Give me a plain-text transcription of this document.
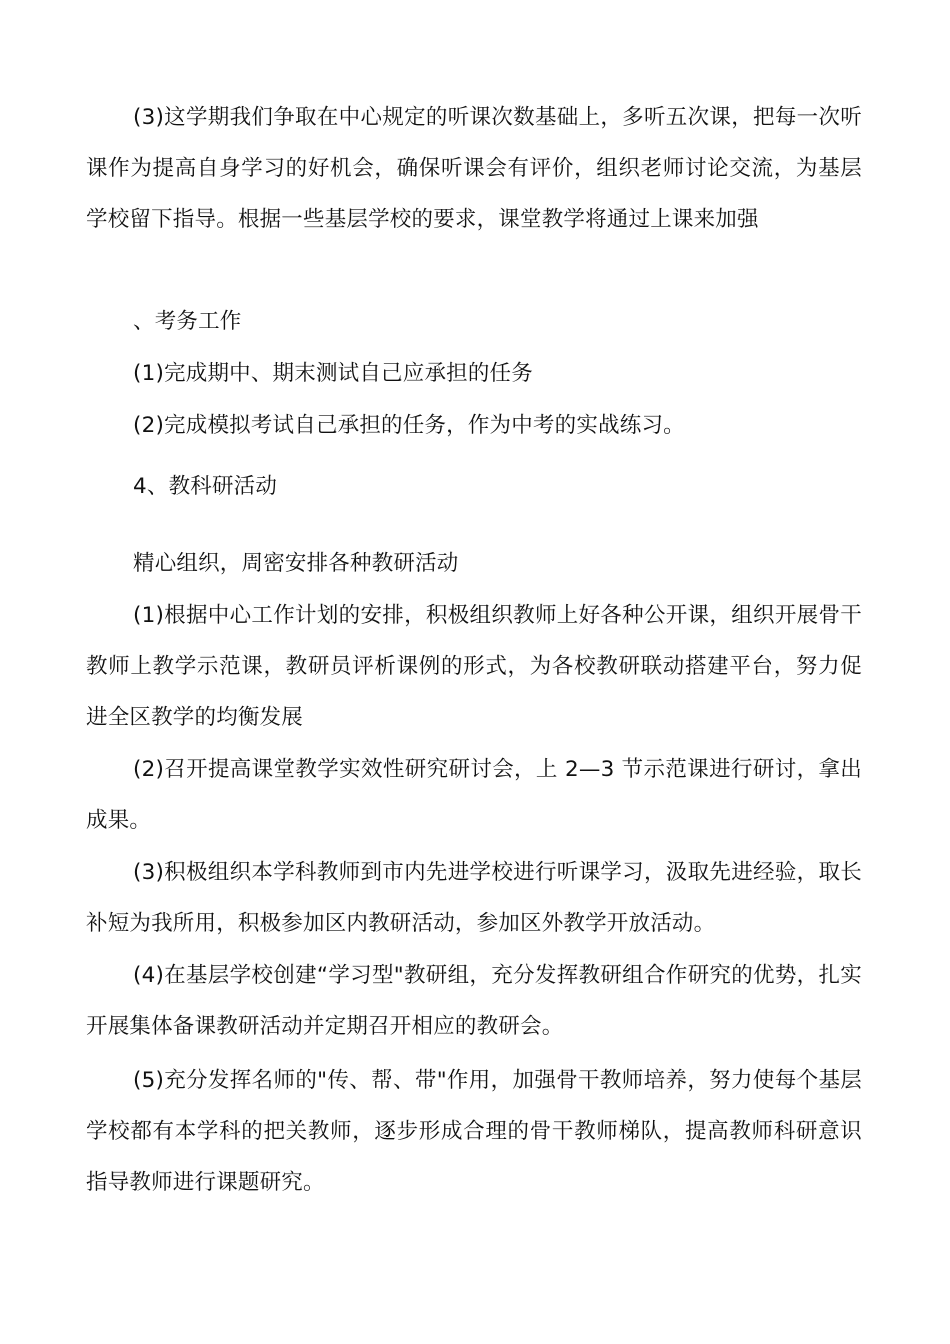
(3)这学期我们争取在中心规定的听课次数基础上，多听五次课，把每一次听课作为提高自身学习的好机会，确保听课会有评价，组织老师讨论交流，为基层学校留下指导。根据一些基层学校的要求，课堂教学将通过上课来加强

、考务工作

(1)完成期中、期末测试自己应承担的任务

(2)完成模拟考试自己承担的任务，作为中考的实战练习。

4、教科研活动

精心组织，周密安排各种教研活动

(1)根据中心工作计划的安排，积极组织教师上好各种公开课，组织开展骨干教师上教学示范课，教研员评析课例的形式，为各校教研联动搭建平台，努力促进全区教学的均衡发展

(2)召开提高课堂教学实效性研究研讨会，上 2—3 节示范课进行研讨，拿出成果。

(3)积极组织本学科教师到市内先进学校进行听课学习，汲取先进经验，取长补短为我所用，积极参加区内教研活动，参加区外教学开放活动。

(4)在基层学校创建“学习型"教研组，充分发挥教研组合作研究的优势，扎实开展集体备课教研活动并定期召开相应的教研会。

(5)充分发挥名师的"传、帮、带"作用，加强骨干教师培养，努力使每个基层学校都有本学科的把关教师，逐步形成合理的骨干教师梯队，提高教师科研意识指导教师进行课题研究。
